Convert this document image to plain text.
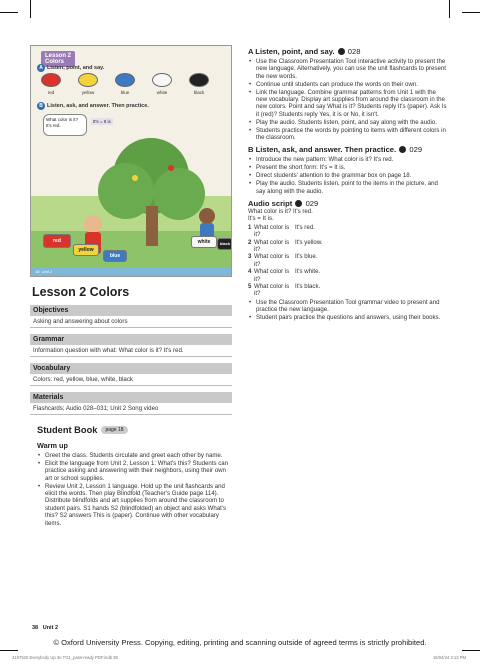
Lesson 2
Colors
A Listen, point, and say.
red	yellow	blue	white	black
B Listen, ask, and answer. Then practice.
What color is it?
It's red.
It's = It is
red
yellow
blue
white	black
18 Unit 2
A Listen, point, and say. 028
• Use the Classroom Presentation Tool interactive activity to present the new language. Alternatively, you can use the unit flashcards to present the new words.
• Continue until students can produce the words on their own.
• Link the language. Combine grammar patterns from Unit 1 with the new vocabulary. Display art supplies from around the classroom in the new colors. Point and say What is it? Students reply It's (paper). Ask Is it (red)? Students reply Yes, it is or No, it isn't.
• Play the audio. Students listen, point, and say along with the audio.
• Students practice the words by pointing to items with different colors in the classroom.
B Listen, ask, and answer. Then practice. 029
• Introduce the new pattern: What color is it? It's red.
• Present the short form: It's = It is.
• Direct students' attention to the grammar box on page 18.
• Play the audio. Students listen, point to the items in the picture, and say along with the audio.
Audio script 029
What color is it? It's red.
It's = It is.
1 What color is it?
It's red.
2 What color is it?
It's yellow.
3 What color is it?
It's blue.
4 What color is it?
It's white.
5 What color is it?
It's black.
• Use the Classroom Presentation Tool grammar video to present and practice the new language.
• Student pairs practice the questions and answers, using their books.
Lesson 2 Colors
Objectives
Asking and answering about colors
Grammar
Information question with what: What color is it? It's red.
Vocabulary
Colors: red, yellow, blue, white, black
Materials
Flashcards; Audio 028–031; Unit 2 Song video
Student Book page 18
Warm up
• Greet the class. Students circulate and greet each other by name.
• Elicit the language from Unit 2, Lesson 1: What's this? Students can practice asking and answering with their neighbors, using their own art or school supplies.
• Review Unit 2, Lesson 1 language. Hold up the unit flashcards and elicit the words. Then play Blindfold (Teacher's Guide page 114). Distribute blindfolds and art supplies from around the classroom to student pairs. S1 hands S2 (blindfolded) an object and asks What's this? S2 answers This is (paper). Continue with other vocabulary items.
38 Unit 2
© Oxford University Press. Copying, editing, printing and scanning outside of agreed terms is strictly prohibited.
4197520 Everybody Up 3e TG1_pass-ready PDF.indb 38	15/04/24 3:13 PM
